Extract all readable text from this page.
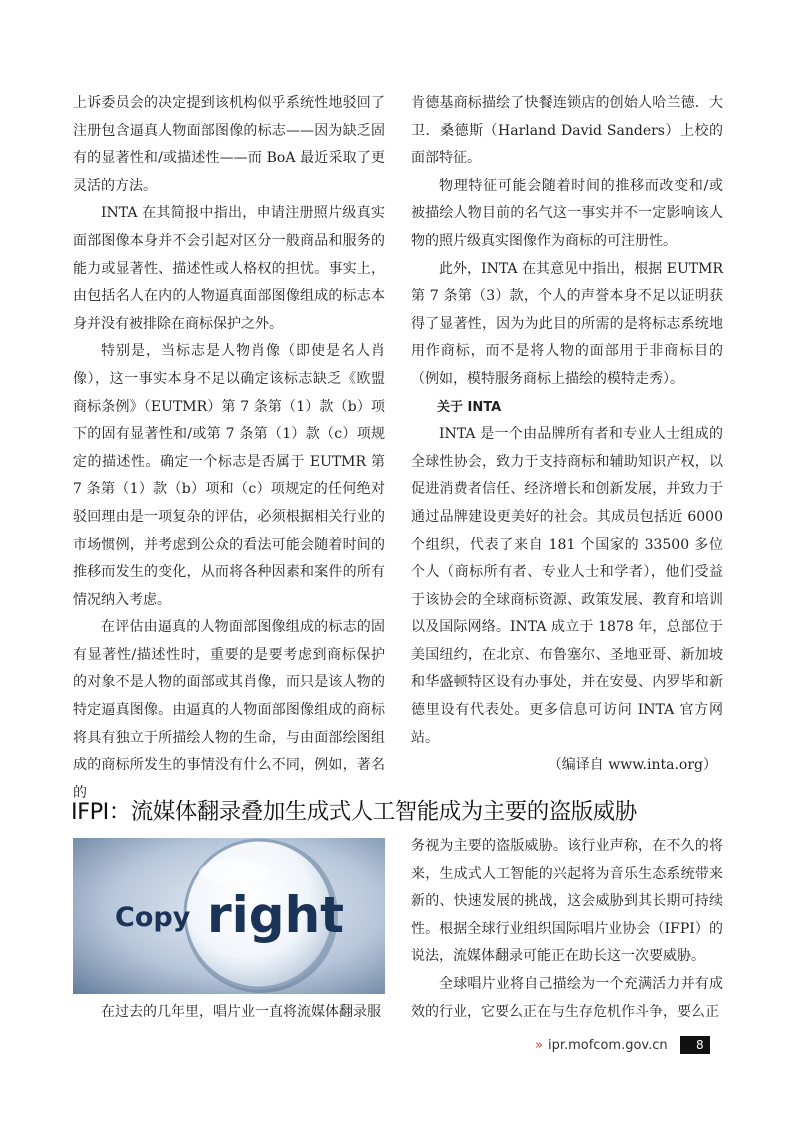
上诉委员会的决定提到该机构似乎系统性地驳回了注册包含逼真人物面部图像的标志——因为缺乏固有的显著性和/或描述性——而 BoA 最近采取了更灵活的方法。

INTA 在其简报中指出，申请注册照片级真实面部图像本身并不会引起对区分一般商品和服务的能力或显著性、描述性或人格权的担忧。事实上，由包括名人在内的人物逼真面部图像组成的标志本身并没有被排除在商标保护之外。

特别是，当标志是人物肖像（即使是名人肖像），这一事实本身不足以确定该标志缺乏《欧盟商标条例》（EUTMR）第 7 条第（1）款（b）项下的固有显著性和/或第 7 条第（1）款（c）项规定的描述性。确定一个标志是否属于 EUTMR 第 7 条第（1）款（b）项和（c）项规定的任何绝对驳回理由是一项复杂的评估，必须根据相关行业的市场惯例，并考虑到公众的看法可能会随着时间的推移而发生的变化，从而将各种因素和案件的所有情况纳入考虑。

在评估由逼真的人物面部图像组成的标志的固有显著性/描述性时，重要的是要考虑到商标保护的对象不是人物的面部或其肖像，而只是该人物的特定逼真图像。由逼真的人物面部图像组成的商标将具有独立于所描绘人物的生命，与由面部绘图组成的商标所发生的事情没有什么不同，例如，著名的

肯德基商标描绘了快餐连锁店的创始人哈兰德．大卫．桑德斯（Harland David Sanders）上校的面部特征。

物理特征可能会随着时间的推移而改变和/或被描绘人物目前的名气这一事实并不一定影响该人物的照片级真实图像作为商标的可注册性。

此外，INTA 在其意见中指出，根据 EUTMR 第 7 条第（3）款，个人的声誉本身不足以证明获得了显著性，因为为此目的所需的是将标志系统地用作商标，而不是将人物的面部用于非商标目的（例如，模特服务商标上描绘的模特走秀）。

关于 INTA

INTA 是一个由品牌所有者和专业人士组成的全球性协会，致力于支持商标和辅助知识产权，以促进消费者信任、经济增长和创新发展，并致力于通过品牌建设更美好的社会。其成员包括近 6000 个组织，代表了来自 181 个国家的 33500 多位个人（商标所有者、专业人士和学者），他们受益于该协会的全球商标资源、政策发展、教育和培训以及国际网络。INTA 成立于 1878 年，总部位于美国纽约，在北京、布鲁塞尔、圣地亚哥、新加坡和华盛顿特区设有办事处，并在安曼、内罗毕和新德里设有代表处。更多信息可访问 INTA 官方网站。

（编译自 www.inta.org）

IFPI：流媒体翻录叠加生成式人工智能成为主要的盗版威胁
Copy right

在过去的几年里，唱片业一直将流媒体翻录服

务视为主要的盗版威胁。该行业声称，在不久的将来，生成式人工智能的兴起将为音乐生态系统带来新的、快速发展的挑战，这会威胁到其长期可持续性。根据全球行业组织国际唱片业协会（IFPI）的说法，流媒体翻录可能正在助长这一次要威胁。

全球唱片业将自己描绘为一个充满活力并有成效的行业，它要么正在与生存危机作斗争，要么正

» ipr.mofcom.gov.cn	8
